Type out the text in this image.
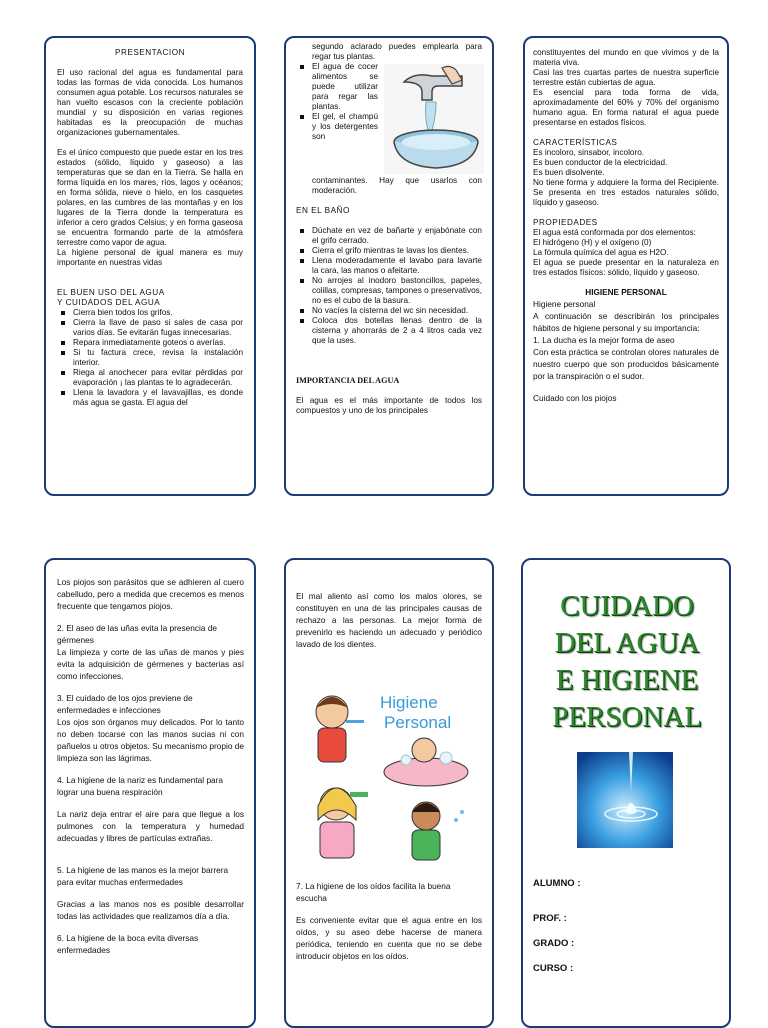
PRESENTACION

El uso racional del agua es fundamental para todas las formas de vida conocida. Los humanos consumen agua potable. Los recursos naturales se han vuelto escasos con la creciente población mundial y su disposición en varias regiones habitadas es la preocupación de muchas organizaciones gubernamentales.

Es el único compuesto que puede estar en los tres estados (sólido, líquido y gaseoso) a las temperaturas que se dan en la Tierra. Se halla en forma líquida en los mares, ríos, lagos y océanos; en forma sólida, nieve o hielo, en los casquetes polares, en las cumbres de las montañas y en los lugares de la Tierra donde la temperatura es inferior a cero grados Celsius; y en forma gaseosa se encuentra formando parte de la atmósfera terrestre como vapor de agua.

La higiene personal de igual manera es muy importante en nuestras vidas

EL BUEN USO DEL AGUA

Y CUIDADOS DEL AGUA

Cierra bien todos los grifos.
Cierra la llave de paso si sales de casa por varios días. Se evitarán fugas innecesarias.
Repara inmediatamente goteos o averías.
Si tu factura crece, revisa la instalación interior.
Riega al anochecer para evitar pérdidas por evaporación ¡ las plantas te lo agradecerán.
Llena la lavadora y el lavavajillas, es donde más agua se gasta. El agua del

segundo aclarado puedes emplearla para regar tus plantas.

El agua de cocer alimentos se puede utilizar para regar las plantas.
El gel, el champú y los detergentes son

contaminantes. Hay que usarlos con moderación.

EN EL BAÑO

Dúchate en vez de bañarte y enjabónate con el grifo cerrado.
Cierra el grifo mientras te lavas los dientes.
Llena moderadamente el lavabo para lavarte la cara, las manos o afeitarte.
No arrojes al inodoro bastoncillos, papeles, colillas, compresas, tampones o preservativos, no es el cubo de la basura.
No vacíes la cisterna del wc sin necesidad.
Coloca dos botellas llenas dentro de la cisterna y ahorrarás de 2 a 4 litros cada vez que la uses.

IMPORTANCIA DEL AGUA

El agua es el más importante de todos los compuestos y uno de los principales

constituyentes del mundo en que vivimos y de la materia viva.

Casi las tres cuartas partes de nuestra superficie terrestre están cubiertas de agua.

Es esencial para toda forma de vida, aproximadamente del 60% y 70% del organismo humano agua. En forma natural el agua puede presentarse en estados físicos.

CARACTERÍSTICAS

Es incoloro, sinsabor, incoloro.

Es buen conductor de la electricidad.

Es buen disolvente.

No tiene forma y adquiere la forma del Recipiente. Se presenta en tres estados naturales sólido, líquido y gaseoso.

PROPIEDADES

El agua está conformada por dos elementos:

El hidrógeno (H) y el oxígeno (0)

La fórmula química del agua es H2O.

El agua se puede presentar en la naturaleza en tres estados físicos: sólido, líquido y gaseoso.

HIGIENE PERSONAL

Higiene personal

A continuación se describirán los principales hábitos de higiene personal y su importancia:

1. La ducha es la mejor forma de aseo

Con esta práctica se controlan olores naturales de nuestro cuerpo que son producidos básicamente por la transpiración o el sudor.

Cuidado con los piojos

Los piojos son parásitos que se adhieren al cuero cabelludo, pero a medida que crecemos es menos frecuente que tengamos piojos.

2. El aseo de las uñas evita la presencia de gérmenes

La limpieza y corte de las uñas de manos y pies evita la adquisición de gérmenes y bacterias así como infecciones.

3. El cuidado de los ojos previene de enfermedades e infecciones

Los ojos son órganos muy delicados. Por lo tanto no deben tocarse con las manos sucias ni con pañuelos u otros objetos. Su mecanismo propio de limpieza son las lágrimas.

4. La higiene de la nariz es fundamental para lograr una buena respiración

La nariz deja entrar el aire para que llegue a los pulmones con la temperatura y humedad adecuadas y libres de partículas extrañas.

5. La higiene de las manos es la mejor barrera para evitar muchas enfermedades

Gracias a las manos nos es posible desarrollar todas las actividades que realizamos día a día.

6. La higiene de la boca evita diversas enfermedades

El mal aliento así como los malos olores, se constituyen en una de las principales causas de rechazo a las personas. La mejor forma de prevenirlo es haciendo un adecuado y periódico lavado de los dientes.

Higiene
Personal

7. La higiene de los oídos facilita la buena escucha

Es conveniente evitar que el agua entre en los oídos, y su aseo debe hacerse de manera periódica, teniendo en cuenta que no se debe introducir objetos en los oídos.

CUIDADO

DEL AGUA

E HIGIENE

PERSONAL

ALUMNO :

PROF. :

GRADO :

CURSO :
